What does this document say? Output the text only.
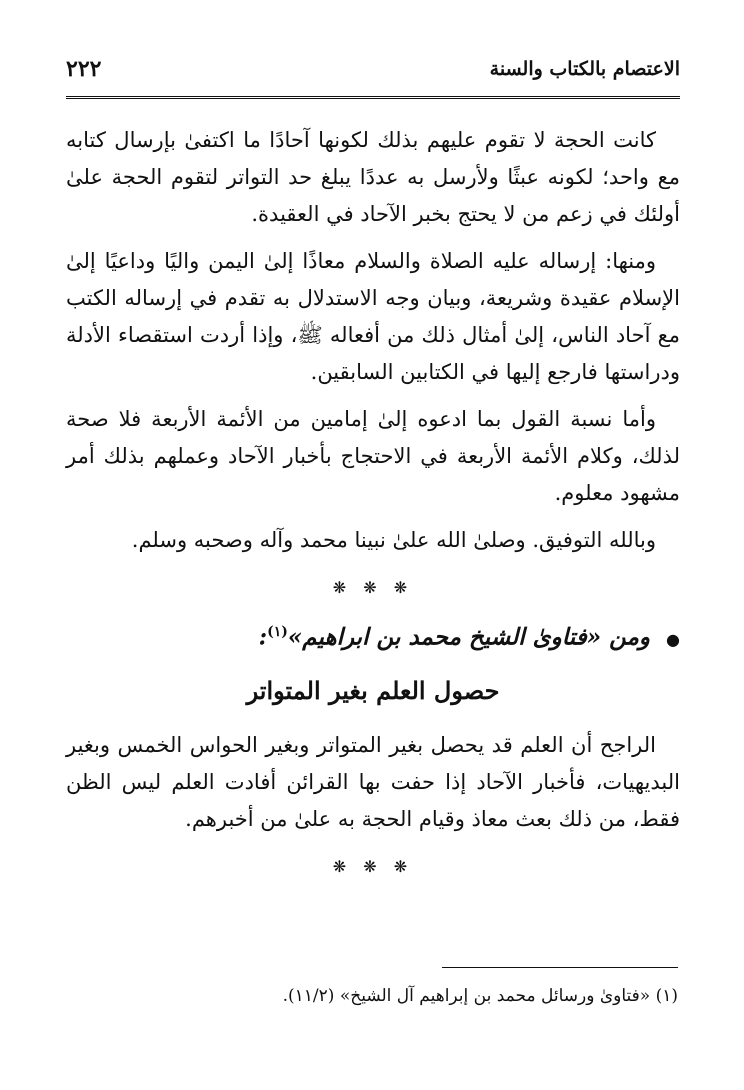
الاعتصام بالكتاب والسنة
٢٢٢

كانت الحجة لا تقوم عليهم بذلك لكونها آحادًا ما اكتفىٰ بإرسال كتابه مع واحد؛ لكونه عبثًا ولأرسل به عددًا يبلغ حد التواتر لتقوم الحجة علىٰ أولئك في زعم من لا يحتج بخبر الآحاد في العقيدة.

ومنها: إرساله عليه الصلاة والسلام معاذًا إلىٰ اليمن واليًا وداعيًا إلىٰ الإسلام عقيدة وشريعة، وبيان وجه الاستدلال به تقدم في إرساله الكتب مع آحاد الناس، إلىٰ أمثال ذلك من أفعاله ﷺ، وإذا أردت استقصاء الأدلة ودراستها فارجع إليها في الكتابين السابقين.

وأما نسبة القول بما ادعوه إلىٰ إمامين من الأئمة الأربعة فلا صحة لذلك، وكلام الأئمة الأربعة في الاحتجاج بأخبار الآحاد وعملهم بذلك أمر مشهود معلوم.

وبالله التوفيق. وصلىٰ الله علىٰ نبينا محمد وآله وصحبه وسلم.

❋ ❋ ❋
● ومن «فتاوىٰ الشيخ محمد بن ابراهيم»$^{(١)}$:
حصول العلم بغير المتواتر

الراجح أن العلم قد يحصل بغير المتواتر وبغير الحواس الخمس وبغير البديهيات، فأخبار الآحاد إذا حفت بها القرائن أفادت العلم ليس الظن فقط، من ذلك بعث معاذ وقيام الحجة به علىٰ من أخبرهم.

❋ ❋ ❋
(١) «فتاوىٰ ورسائل محمد بن إبراهيم آل الشيخ» (١١/٢).
